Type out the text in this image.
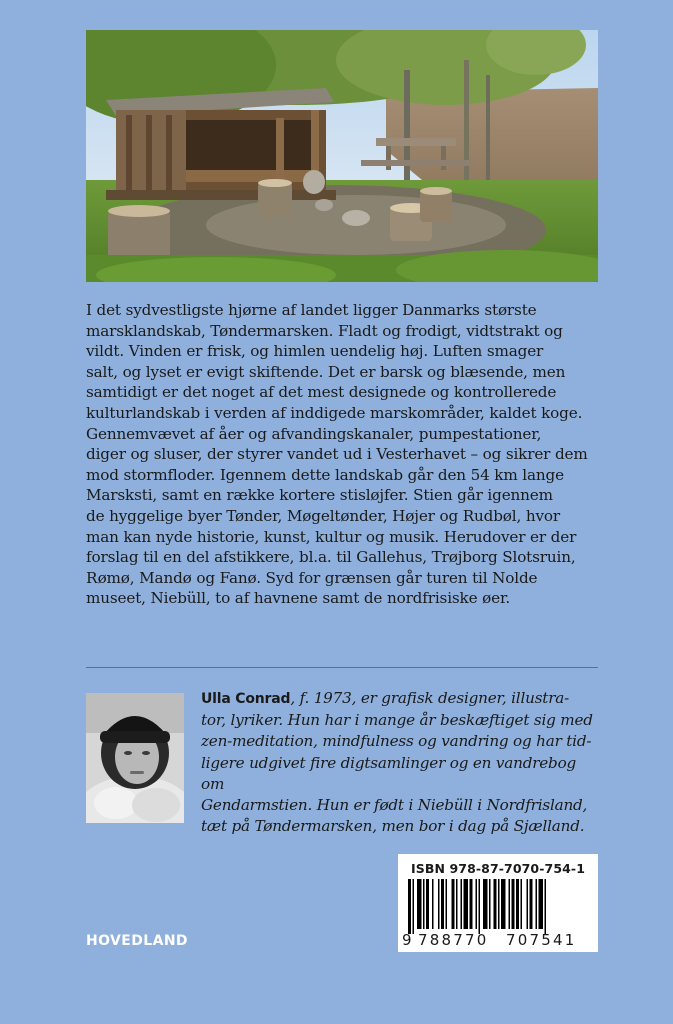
I det sydvestligste hjørne af landet ligger Danmarks største
marsklandskab, Tøndermarsken. Fladt og frodigt, vidtstrakt og
vildt. Vinden er frisk, og himlen uendelig høj. Luften smager
salt, og lyset er evigt skiftende. Det er barsk og blæsende, men
samtidigt er det noget af det mest designede og kontrollerede
kulturlandskab i verden af inddigede marskområder, kaldet koge.
Gennemvævet af åer og afvandingskanaler, pumpestationer,
diger og sluser, der styrer vandet ud i Vesterhavet – og sikrer dem
mod stormfloder. Igennem dette landskab går den 54 km lange
Marsksti, samt en række kortere stisløjfer. Stien går igennem
de hyggelige byer Tønder, Møgeltønder, Højer og Rudbøl, hvor
man kan nyde historie, kunst, kultur og musik. Herudover er der
forslag til en del afstikkere, bl.a. til Gallehus, Trøjborg Slotsruin,
Rømø, Mandø og Fanø. Syd for grænsen går turen til Nolde
museet, Niebüll, to af havnene samt de nordfrisiske øer.

Ulla Conrad, f. 1973, er grafisk designer, illustra-
tor, lyriker. Hun har i mange år beskæftiget sig med
zen-meditation, mindfulness og vandring og har tid-
ligere udgivet fire digtsamlinger og en vandrebog om
Gendarmstien. Hun er født i Niebüll i Nordfrisland,
tæt på Tøndermarsken, men bor i dag på Sjælland.

ISBN 978-87-7070-754-1
9 788770 707541
HOVEDLAND
